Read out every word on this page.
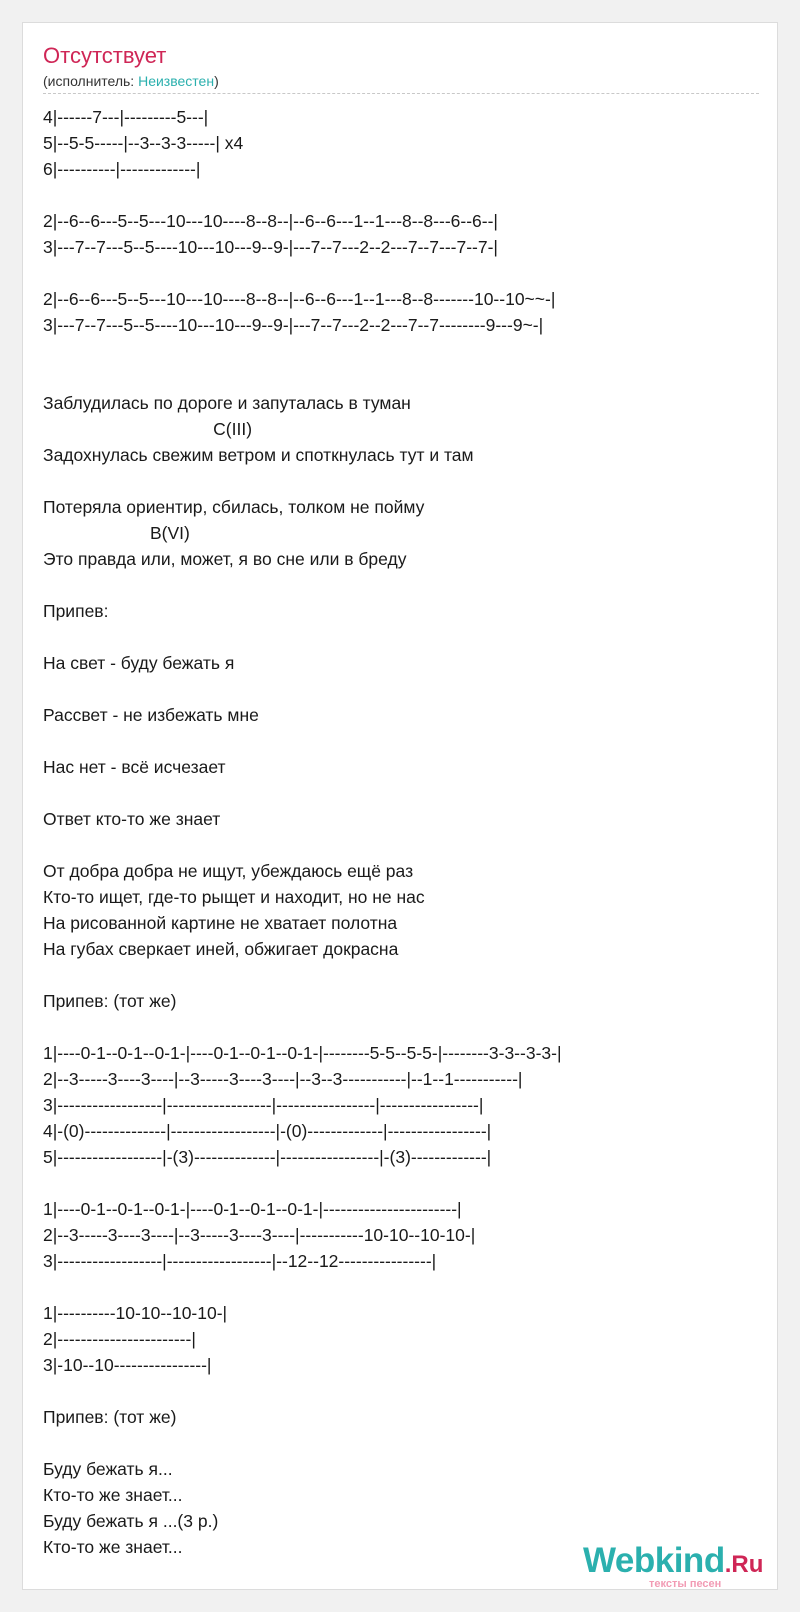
Отсутствует
(исполнитель: Неизвестен)
4|------7---|---------5---|
5|--5-5-----|--3--3-3-----| x4
6|----------|-------------|
2|--6--6---5--5---10---10----8--8--|--6--6---1--1---8--8---6--6--|
3|---7--7---5--5----10---10---9--9-|---7--7---2--2---7--7---7--7-|
2|--6--6---5--5---10---10----8--8--|--6--6---1--1---8--8-------10--10~~-|
3|---7--7---5--5----10---10---9--9-|---7--7---2--2---7--7--------9---9~-|
Заблудилась по дороге и запуталась в туман
C(III)
Задохнулась свежим ветром и споткнулась тут и там
Потеряла ориентир, сбилась, толком не пойму
B(VI)
Это правда или, может, я во сне или в бреду
Припев:
На свет - буду бежать я
Рассвет - не избежать мне
Нас нет - всё исчезает
Ответ кто-то же знает
От добра добра не ищут, убеждаюсь ещё раз
Кто-то ищет, где-то рыщет и находит, но не нас
На рисованной картине не хватает полотна
На губах сверкает иней, обжигает докрасна
Припев: (тот же)
1|----0-1--0-1--0-1-|----0-1--0-1--0-1-|--------5-5--5-5-|--------3-3--3-3-|
2|--3-----3----3----|--3-----3----3----|--3--3-----------|--1--1-----------|
3|------------------|------------------|-----------------|-----------------|
4|-(0)--------------|------------------|-(0)-------------|-----------------|
5|------------------|-(3)--------------|-----------------|-(3)-------------|
1|----0-1--0-1--0-1-|----0-1--0-1--0-1-|-----------------------|
2|--3-----3----3----|--3-----3----3----|-----------10-10--10-10-|
3|------------------|------------------|--12--12----------------|
1|----------10-10--10-10-|
2|-----------------------|
3|-10--10----------------|
Припев: (тот же)
Буду бежать я...
Кто-то же знает...
Буду бежать я ...(3 р.)
Кто-то же знает...	Webkind.Ru
тексты песен
